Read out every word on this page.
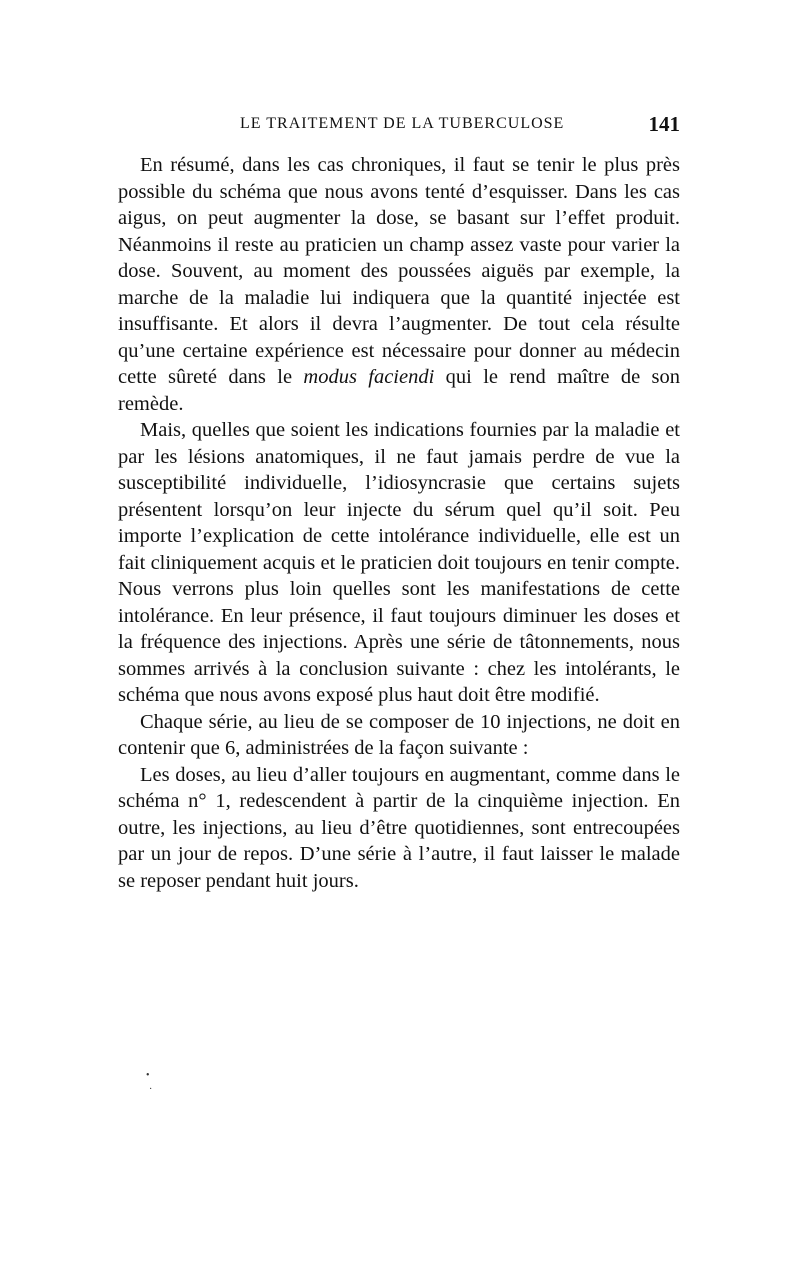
LE TRAITEMENT DE LA TUBERCULOSE	141

En résumé, dans les cas chroniques, il faut se tenir le plus près possible du schéma que nous avons tenté d’esquisser. Dans les cas aigus, on peut augmenter la dose, se basant sur l’effet produit. Néanmoins il reste au praticien un champ assez vaste pour varier la dose. Souvent, au moment des poussées aiguës par exemple, la marche de la maladie lui indiquera que la quantité injectée est insuffisante. Et alors il devra l’augmenter. De tout cela résulte qu’une certaine expérience est nécessaire pour donner au médecin cette sûreté dans le modus faciendi qui le rend maître de son remède.

Mais, quelles que soient les indications fournies par la maladie et par les lésions anatomiques, il ne faut jamais perdre de vue la susceptibilité individuelle, l’idiosyncrasie que certains sujets présentent lorsqu’on leur injecte du sérum quel qu’il soit. Peu importe l’explication de cette intolérance individuelle, elle est un fait cliniquement acquis et le praticien doit toujours en tenir compte. Nous verrons plus loin quelles sont les manifestations de cette intolérance. En leur présence, il faut toujours diminuer les doses et la fréquence des injections. Après une série de tâtonnements, nous sommes arrivés à la conclusion suivante : chez les intolérants, le schéma que nous avons exposé plus haut doit être modifié.

Chaque série, au lieu de se composer de 10 injections, ne doit en contenir que 6, administrées de la façon suivante :

Les doses, au lieu d’aller toujours en augmentant, comme dans le schéma n° 1, redescendent à partir de la cinquième injection. En outre, les injections, au lieu d’être quotidiennes, sont entrecoupées par un jour de repos. D’une série à l’autre, il faut laisser le malade se reposer pendant huit jours.

•
·
